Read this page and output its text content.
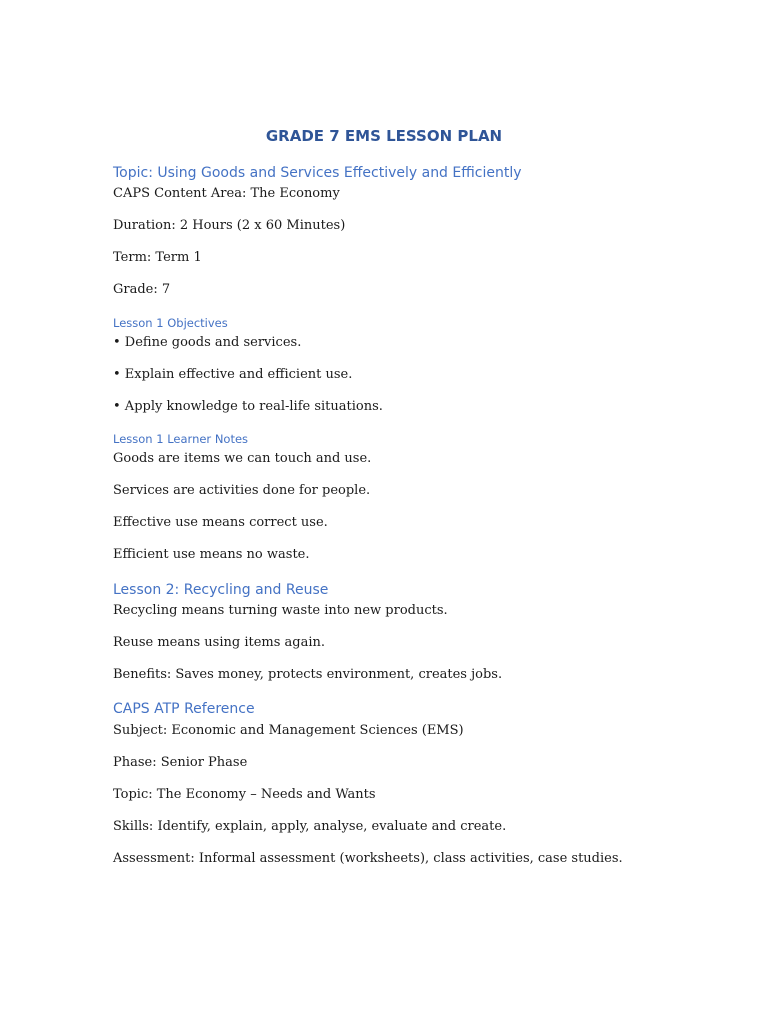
GRADE 7 EMS LESSON PLAN
Topic: Using Goods and Services Effectively and Efficiently
CAPS Content Area: The Economy
Duration: 2 Hours (2 x 60 Minutes)
Term: Term 1
Grade: 7
Lesson 1 Objectives
• Define goods and services.
• Explain effective and efficient use.
• Apply knowledge to real-life situations.
Lesson 1 Learner Notes
Goods are items we can touch and use.
Services are activities done for people.
Effective use means correct use.
Efficient use means no waste.
Lesson 2: Recycling and Reuse
Recycling means turning waste into new products.
Reuse means using items again.
Benefits: Saves money, protects environment, creates jobs.
CAPS ATP Reference
Subject: Economic and Management Sciences (EMS)
Phase: Senior Phase
Topic: The Economy – Needs and Wants
Skills: Identify, explain, apply, analyse, evaluate and create.
Assessment: Informal assessment (worksheets), class activities, case studies.
